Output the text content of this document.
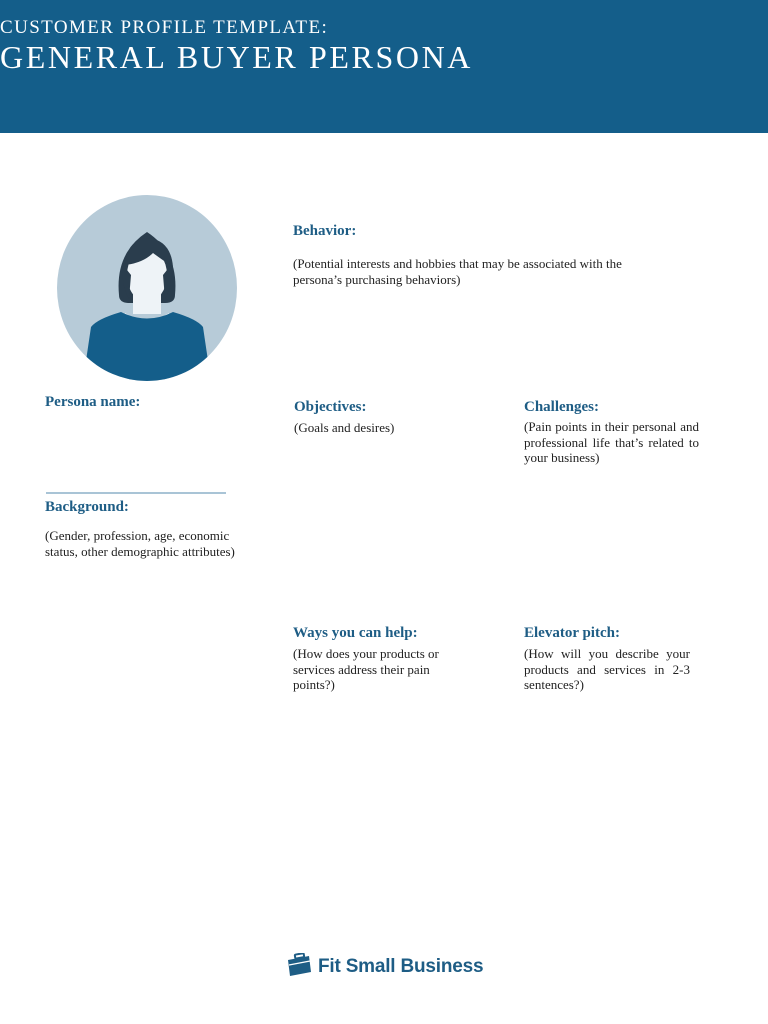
CUSTOMER PROFILE TEMPLATE:
GENERAL BUYER PERSONA
Behavior:
(Potential interests and hobbies that may be associated with the persona’s purchasing behaviors)
Persona name:	Objectives:
(Goals and desires)
Challenges:
(Pain points in their personal and professional life that’s related to your business)
Background:
(Gender, profession, age, economic status, other demographic attributes)
Ways you can help:
(How does your products or services address their pain points?)
Elevator pitch:
(How will you describe your products and services in 2-3 sentences?)
Fit Small Business
